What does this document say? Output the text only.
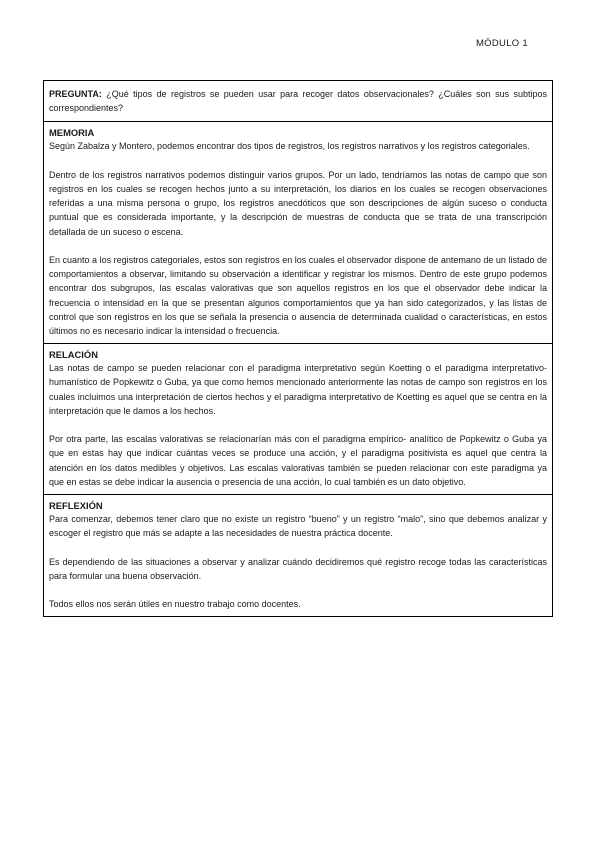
MÓDULO 1

PREGUNTA: ¿Qué tipos de registros se pueden usar para recoger datos observacionales? ¿Cuáles son sus subtipos correspondientes?

MEMORIA

Según Zabalza y Montero, podemos encontrar dos tipos de registros, los registros narrativos y los registros categoriales.

Dentro de los registros narrativos podemos distinguir varios grupos. Por un lado, tendríamos las notas de campo que son registros en los cuales se recogen hechos junto a su interpretación, los diarios en los cuales se recogen observaciones referidas a una misma persona o grupo, los registros anecdóticos que son descripciones de algún suceso o conducta puntual que es considerada importante, y la descripción de muestras de conducta que se trata de una transcripción detallada de un suceso o escena.

En cuanto a los registros categoriales, estos son registros en los cuales el observador dispone de antemano de un listado de comportamientos a observar, limitando su observación a identificar y registrar los mismos. Dentro de este grupo podemos encontrar dos subgrupos, las escalas valorativas que son aquellos registros en los que el observador debe indicar la frecuencia o intensidad en la que se presentan algunos comportamientos que ya han sido categorizados, y las listas de control que son registros en los que se señala la presencia o ausencia de determinada cualidad o características, en estos últimos no es necesario indicar la intensidad o frecuencia.

RELACIÓN

Las notas de campo se pueden relacionar con el paradigma interpretativo según Koetting o el paradigma interpretativo-humanístico de Popkewitz o Guba, ya que como hemos mencionado anteriormente las notas de campo son registros en los cuales incluimos una interpretación de ciertos hechos y el paradigma interpretativo de Koetting es aquel que se centra en la interpretación que le damos a los hechos.

Por otra parte, las escalas valorativas se relacionarían más con el paradigma empírico- analítico de Popkewitz o Guba ya que en estas hay que indicar cuántas veces se produce una acción, y el paradigma positivista es aquel que centra la atención en los datos medibles y objetivos. Las escalas valorativas también se pueden relacionar con este paradigma ya que en estas se debe indicar la ausencia o presencia de una acción, lo cual también es un dato objetivo.

REFLEXIÓN

Para comenzar, debemos tener claro que no existe un registro “bueno” y un registro “malo”, sino que debemos analizar y escoger el registro que más se adapte a las necesidades de nuestra práctica docente.

Es dependiendo de las situaciones a observar y analizar cuándo decidiremos qué registro recoge todas las características para formular una buena observación.

Todos ellos nos serán útiles en nuestro trabajo como docentes.
